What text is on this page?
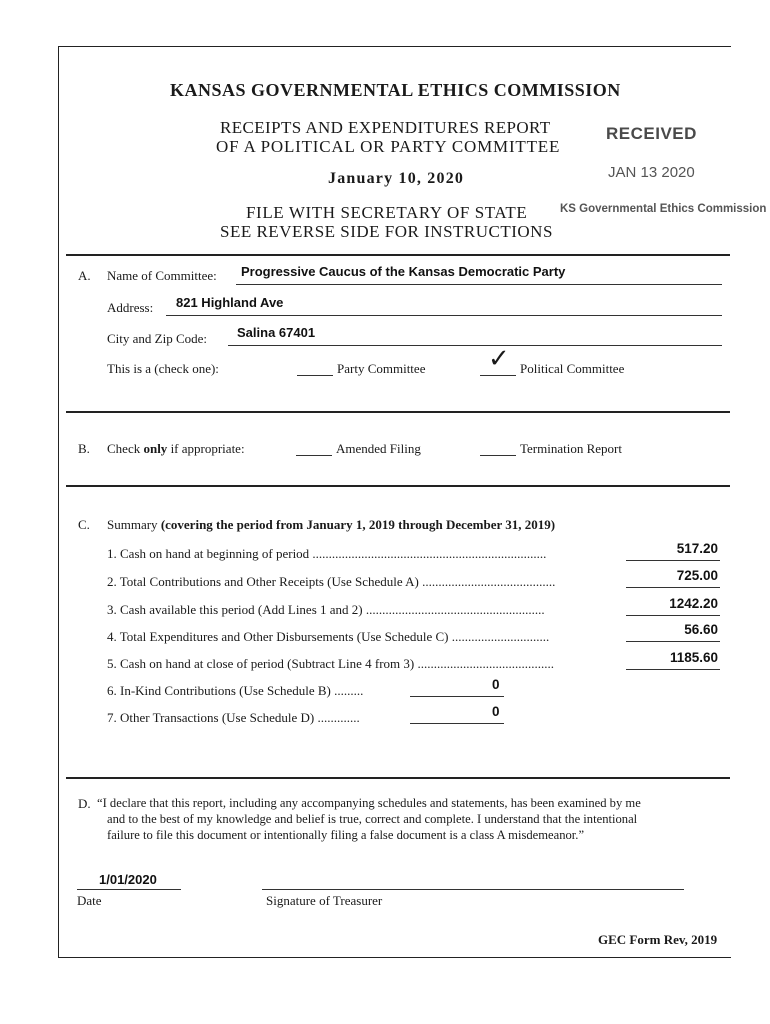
KANSAS GOVERNMENTAL ETHICS COMMISSION
RECEIPTS AND EXPENDITURES REPORT
OF A POLITICAL OR PARTY COMMITTEE
January 10, 2020
FILE WITH SECRETARY OF STATE
SEE REVERSE SIDE FOR INSTRUCTIONS
RECEIVED
JAN 13 2020
KS Governmental Ethics Commission
A. Name of Committee: Progressive Caucus of the Kansas Democratic Party
Address: 821 Highland Ave
City and Zip Code: Salina 67401
This is a (check one):	Party Committee ✓ Political Committee
B. Check only if appropriate:	Amended Filing	Termination Report
C. Summary (covering the period from January 1, 2019 through December 31, 2019)
1. Cash on hand at beginning of period ........................................................................	517.20
2. Total Contributions and Other Receipts (Use Schedule A) .........................................	725.00
3. Cash available this period (Add Lines 1 and 2) .......................................................	1242.20
4. Total Expenditures and Other Disbursements (Use Schedule C) ..............................	56.60
5. Cash on hand at close of period (Subtract Line 4 from 3) ..........................................	1185.60
6. In-Kind Contributions (Use Schedule B) .........	0
7. Other Transactions (Use Schedule D) .............	0
D. “I declare that this report, including any accompanying schedules and statements, has been examined by me
and to the best of my knowledge and belief is true, correct and complete. I understand that the intentional
failure to file this document or intentionally filing a false document is a class A misdemeanor.”
1/01/2020
Date	Signature of Treasurer
GEC Form Rev, 2019
